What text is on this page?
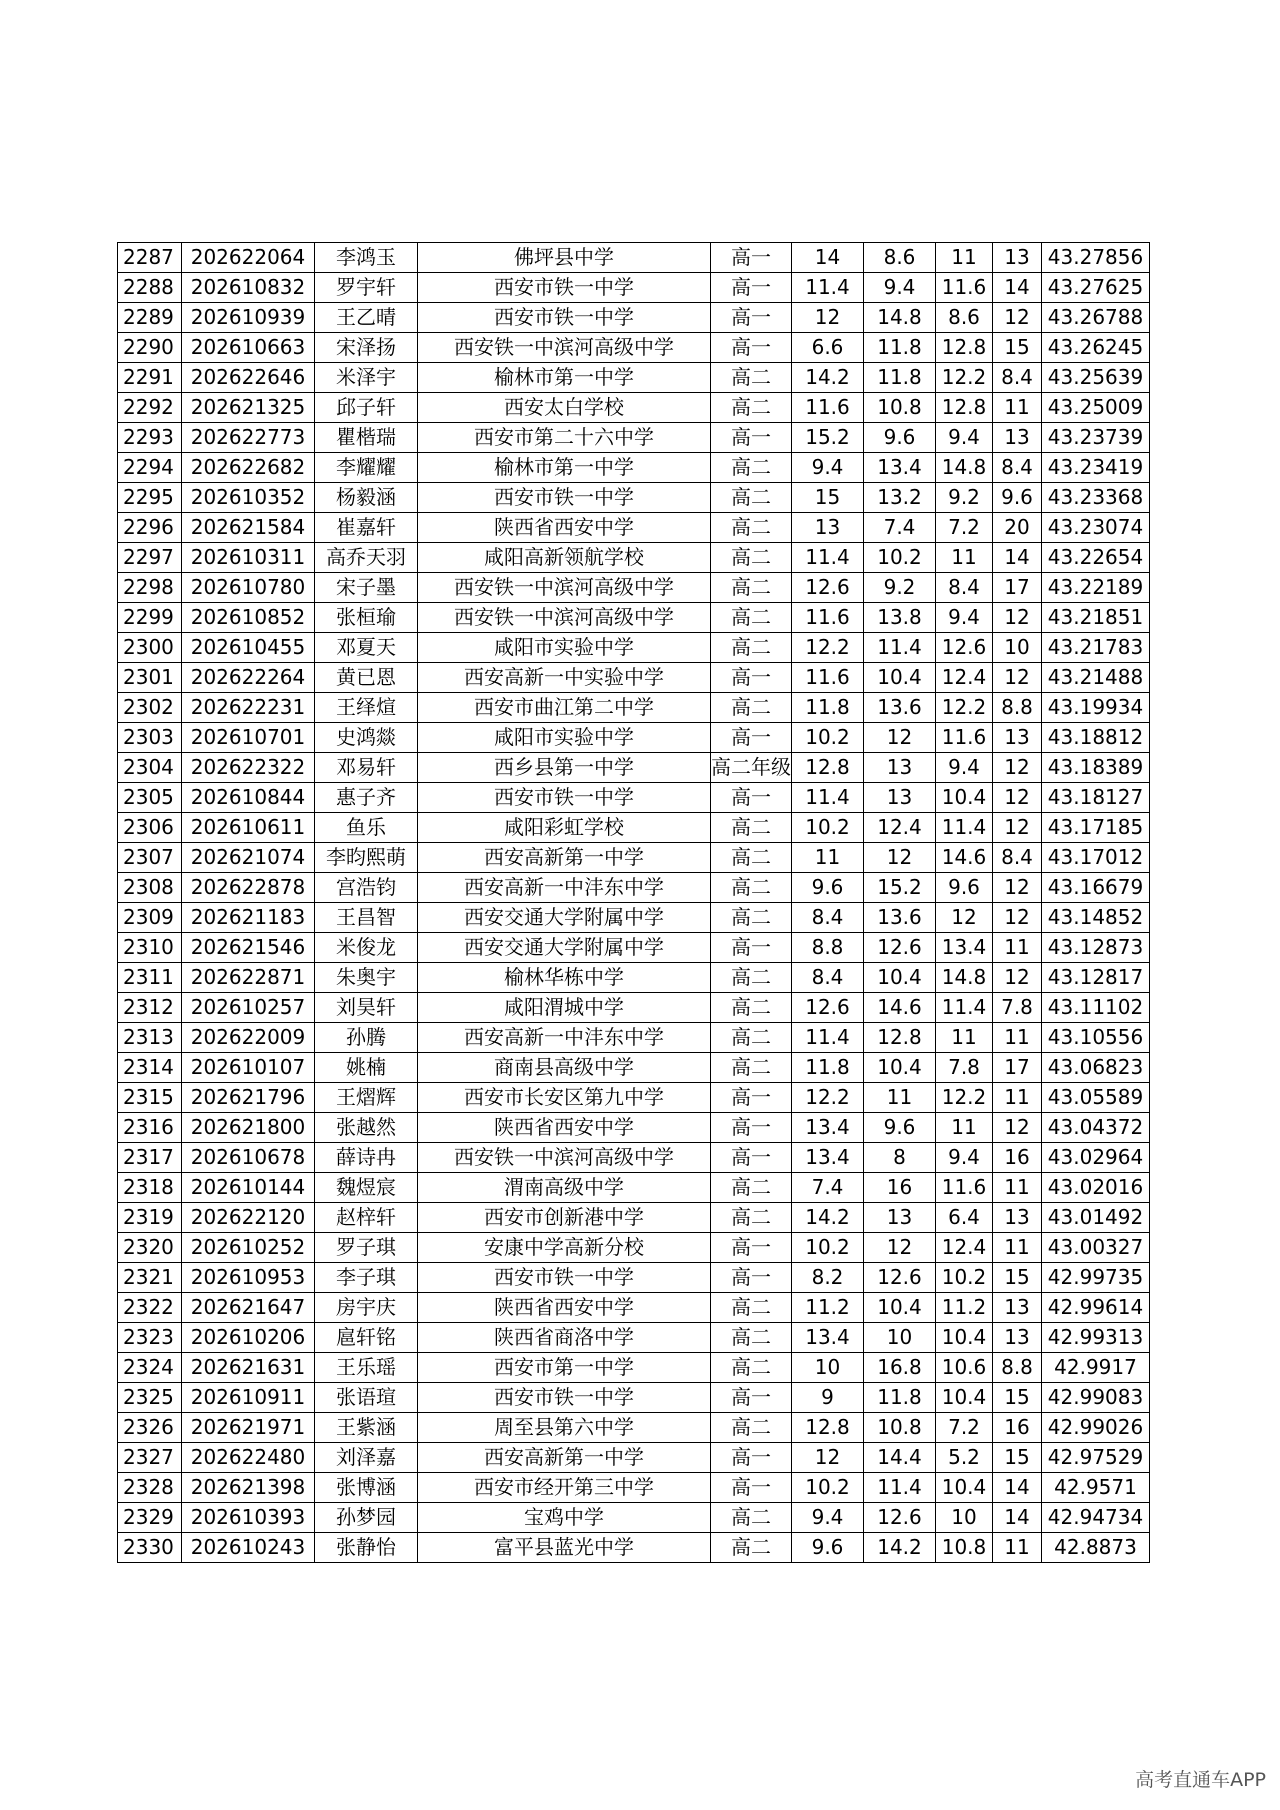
2287	202622064	李鸿玉	佛坪县中学	高一	14	8.6	11	13	43.27856
2288	202610832	罗宇轩	西安市铁一中学	高一	11.4	9.4	11.6	14	43.27625
2289	202610939	王乙晴	西安市铁一中学	高一	12	14.8	8.6	12	43.26788
2290	202610663	宋泽扬	西安铁一中滨河高级中学	高一	6.6	11.8	12.8	15	43.26245
2291	202622646	米泽宇	榆林市第一中学	高二	14.2	11.8	12.2	8.4	43.25639
2292	202621325	邱子轩	西安太白学校	高二	11.6	10.8	12.8	11	43.25009
2293	202622773	瞿楷瑞	西安市第二十六中学	高一	15.2	9.6	9.4	13	43.23739
2294	202622682	李耀耀	榆林市第一中学	高二	9.4	13.4	14.8	8.4	43.23419
2295	202610352	杨毅涵	西安市铁一中学	高二	15	13.2	9.2	9.6	43.23368
2296	202621584	崔嘉轩	陕西省西安中学	高二	13	7.4	7.2	20	43.23074
2297	202610311	高乔天羽	咸阳高新领航学校	高二	11.4	10.2	11	14	43.22654
2298	202610780	宋子墨	西安铁一中滨河高级中学	高二	12.6	9.2	8.4	17	43.22189
2299	202610852	张桓瑜	西安铁一中滨河高级中学	高二	11.6	13.8	9.4	12	43.21851
2300	202610455	邓夏天	咸阳市实验中学	高二	12.2	11.4	12.6	10	43.21783
2301	202622264	黄已恩	西安高新一中实验中学	高一	11.6	10.4	12.4	12	43.21488
2302	202622231	王绎煊	西安市曲江第二中学	高二	11.8	13.6	12.2	8.8	43.19934
2303	202610701	史鸿燚	咸阳市实验中学	高一	10.2	12	11.6	13	43.18812
2304	202622322	邓易轩	西乡县第一中学	高二年级	12.8	13	9.4	12	43.18389
2305	202610844	惠子齐	西安市铁一中学	高一	11.4	13	10.4	12	43.18127
2306	202610611	鱼乐	咸阳彩虹学校	高二	10.2	12.4	11.4	12	43.17185
2307	202621074	李昀熙萌	西安高新第一中学	高二	11	12	14.6	8.4	43.17012
2308	202622878	宫浩钧	西安高新一中沣东中学	高二	9.6	15.2	9.6	12	43.16679
2309	202621183	王昌智	西安交通大学附属中学	高二	8.4	13.6	12	12	43.14852
2310	202621546	米俊龙	西安交通大学附属中学	高一	8.8	12.6	13.4	11	43.12873
2311	202622871	朱奥宇	榆林华栋中学	高二	8.4	10.4	14.8	12	43.12817
2312	202610257	刘昊轩	咸阳渭城中学	高二	12.6	14.6	11.4	7.8	43.11102
2313	202622009	孙腾	西安高新一中沣东中学	高二	11.4	12.8	11	11	43.10556
2314	202610107	姚楠	商南县高级中学	高二	11.8	10.4	7.8	17	43.06823
2315	202621796	王熠辉	西安市长安区第九中学	高一	12.2	11	12.2	11	43.05589
2316	202621800	张越然	陕西省西安中学	高一	13.4	9.6	11	12	43.04372
2317	202610678	薛诗冉	西安铁一中滨河高级中学	高一	13.4	8	9.4	16	43.02964
2318	202610144	魏煜宸	渭南高级中学	高二	7.4	16	11.6	11	43.02016
2319	202622120	赵梓轩	西安市创新港中学	高二	14.2	13	6.4	13	43.01492
2320	202610252	罗子琪	安康中学高新分校	高一	10.2	12	12.4	11	43.00327
2321	202610953	李子琪	西安市铁一中学	高一	8.2	12.6	10.2	15	42.99735
2322	202621647	房宇庆	陕西省西安中学	高二	11.2	10.4	11.2	13	42.99614
2323	202610206	扈轩铭	陕西省商洛中学	高二	13.4	10	10.4	13	42.99313
2324	202621631	王乐瑶	西安市第一中学	高二	10	16.8	10.6	8.8	42.9917
2325	202610911	张语瑄	西安市铁一中学	高一	9	11.8	10.4	15	42.99083
2326	202621971	王紫涵	周至县第六中学	高二	12.8	10.8	7.2	16	42.99026
2327	202622480	刘泽嘉	西安高新第一中学	高一	12	14.4	5.2	15	42.97529
2328	202621398	张博涵	西安市经开第三中学	高一	10.2	11.4	10.4	14	42.9571
2329	202610393	孙梦园	宝鸡中学	高二	9.4	12.6	10	14	42.94734
2330	202610243	张静怡	富平县蓝光中学	高二	9.6	14.2	10.8	11	42.8873
高考直通车APP
